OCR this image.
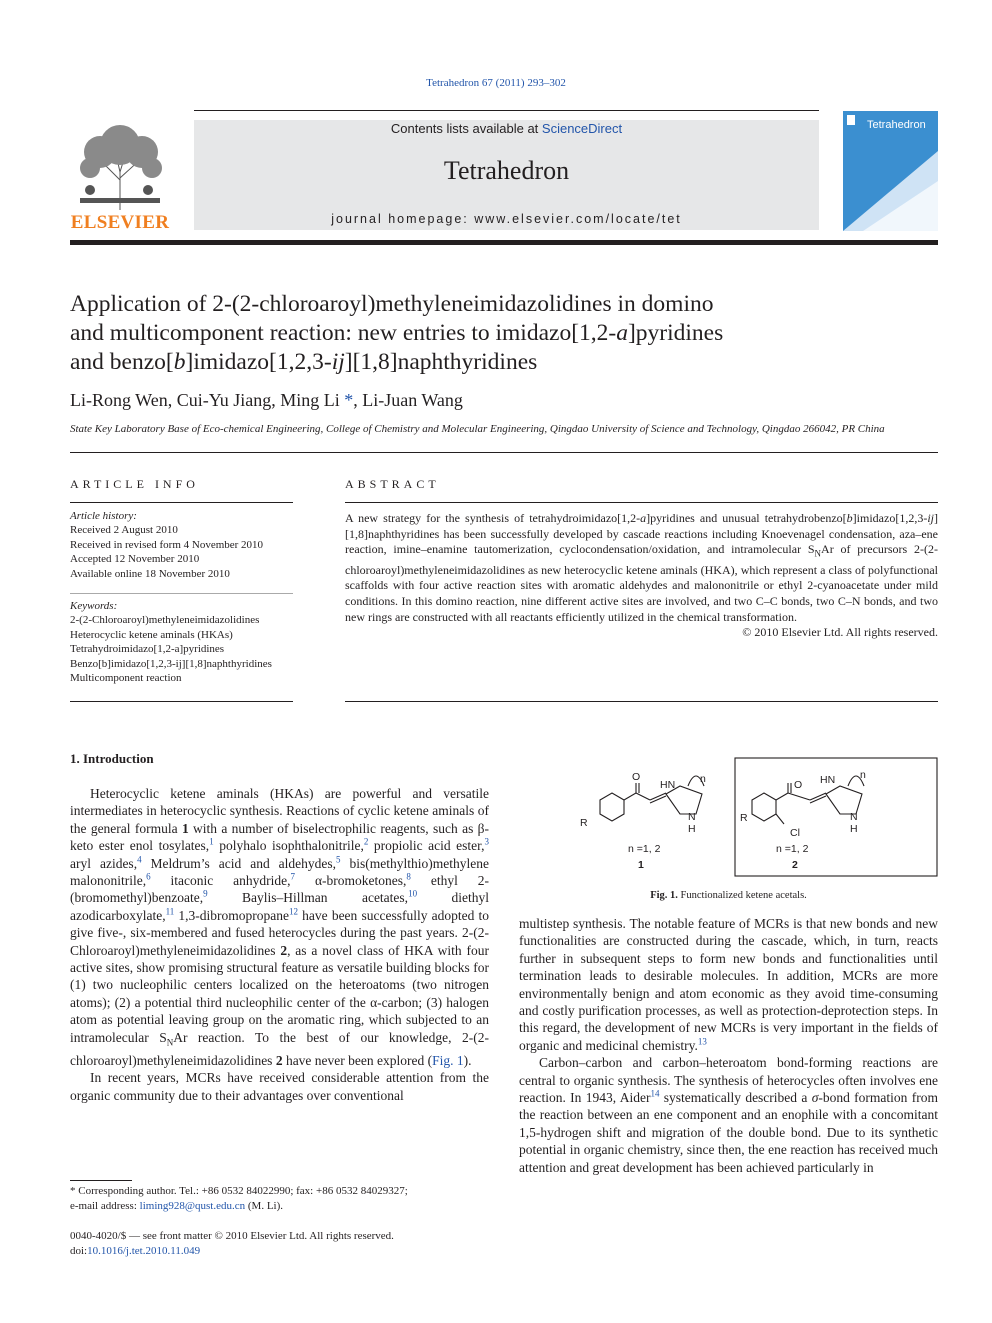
Tetrahedron 67 (2011) 293–302
ELSEVIER
Contents lists available at ScienceDirect
Tetrahedron
journal homepage: www.elsevier.com/locate/tet
Tetrahedron
Application of 2-(2-chloroaroyl)methyleneimidazolidines in domino
and multicomponent reaction: new entries to imidazo[1,2-a]pyridines
and benzo[b]imidazo[1,2,3-ij][1,8]naphthyridines
Li-Rong Wen, Cui-Yu Jiang, Ming Li *, Li-Juan Wang
State Key Laboratory Base of Eco-chemical Engineering, College of Chemistry and Molecular Engineering, Qingdao University of Science and Technology, Qingdao 266042, PR China
ARTICLE INFO
Article history:
Received 2 August 2010
Received in revised form 4 November 2010
Accepted 12 November 2010
Available online 18 November 2010
Keywords:
2-(2-Chloroaroyl)methyleneimidazolidines
Heterocyclic ketene aminals (HKAs)
Tetrahydroimidazo[1,2-a]pyridines
Benzo[b]imidazo[1,2,3-ij][1,8]naphthyridines
Multicomponent reaction
ABSTRACT
A new strategy for the synthesis of tetrahydroimidazo[1,2-a]pyridines and unusual tetrahydrobenzo[b]imidazo[1,2,3-ij][1,8]naphthyridines has been successfully developed by cascade reactions including Knoevenagel condensation, aza–ene reaction, imine–enamine tautomerization, cyclocondensation/oxidation, and intramolecular $S_NAr$ of precursors 2-(2-chloroaroyl)methyleneimidazolidines as new heterocyclic ketene aminals (HKA), which represent a class of polyfunctional scaffolds with four active reaction sites with aromatic aldehydes and malononitrile or ethyl 2-cyanoacetate under mild conditions. In this domino reaction, nine different active sites are involved, and two C–C bonds, two C–N bonds, and two new rings are constructed with all reactants efficiently utilized in the chemical transformation.
© 2010 Elsevier Ltd. All rights reserved.
1. Introduction

Heterocyclic ketene aminals (HKAs) are powerful and versatile intermediates in heterocyclic synthesis. Reactions of cyclic ketene aminals of the general formula 1 with a number of biselectrophilic reagents, such as β-keto ester enol tosylates,$^1$ polyhalo isophthalonitrile,$^2$ propiolic acid ester,$^3$ aryl azides,$^4$ Meldrum’s acid and aldehydes,$^5$ bis(methylthio)methylene malononitrile,$^6$ itaconic anhydride,$^7$ α-bromoketones,$^8$ ethyl 2-(bromomethyl)benzoate,$^9$ Baylis–Hillman acetates,$^{10}$ diethyl azodicarboxylate,$^{11}$ 1,3-dibromopropane$^{12}$ have been successfully adopted to give five-, six-membered and fused heterocycles during the past years. 2-(2-Chloroaroyl)methyleneimidazolidines 2, as a novel class of HKA with four active sites, show promising structural feature as versatile building blocks for (1) two nucleophilic centers localized on the heteroatoms (two nitrogen atoms); (2) a potential third nucleophilic center of the α-carbon; (3) halogen atom as potential leaving group on the aromatic ring, which subjected to an intramolecular $S_NAr$ reaction. To the best of our knowledge, 2-(2-chloroaroyl)methyleneimidazolidines 2 have never been explored (Fig. 1).

In recent years, MCRs have received considerable attention from the organic community due to their advantages over conventional

O
HN
N
H
n
R
n =1, 2
1
O HN
N
H
n
R
Cl
n =1, 2
2
Fig. 1. Functionalized ketene acetals.

multistep synthesis. The notable feature of MCRs is that new bonds and new functionalities are constructed during the cascade, which, in turn, reacts further in subsequent steps to form new bonds and functionalities until termination leads to desirable molecules. In addition, MCRs are more environmentally benign and atom economic as they avoid time-consuming and costly purification processes, as well as protection-deprotection steps. In this regard, the development of new MCRs is very important in the fields of organic and medicinal chemistry.$^{13}$

Carbon–carbon and carbon–heteroatom bond-forming reactions are central to organic synthesis. The synthesis of heterocycles often involves ene reaction. In 1943, Aider$^{14}$ systematically described a σ-bond formation from the reaction between an ene component and an enophile with a concomitant 1,5-hydrogen shift and migration of the double bond. Due to its synthetic potential in organic chemistry, since then, the ene reaction has received much attention and great development has been achieved particularly in

* Corresponding author. Tel.: +86 0532 84022990; fax: +86 0532 84029327;
e-mail address: liming928@qust.edu.cn (M. Li).
0040-4020/$ — see front matter © 2010 Elsevier Ltd. All rights reserved.
doi:10.1016/j.tet.2010.11.049
